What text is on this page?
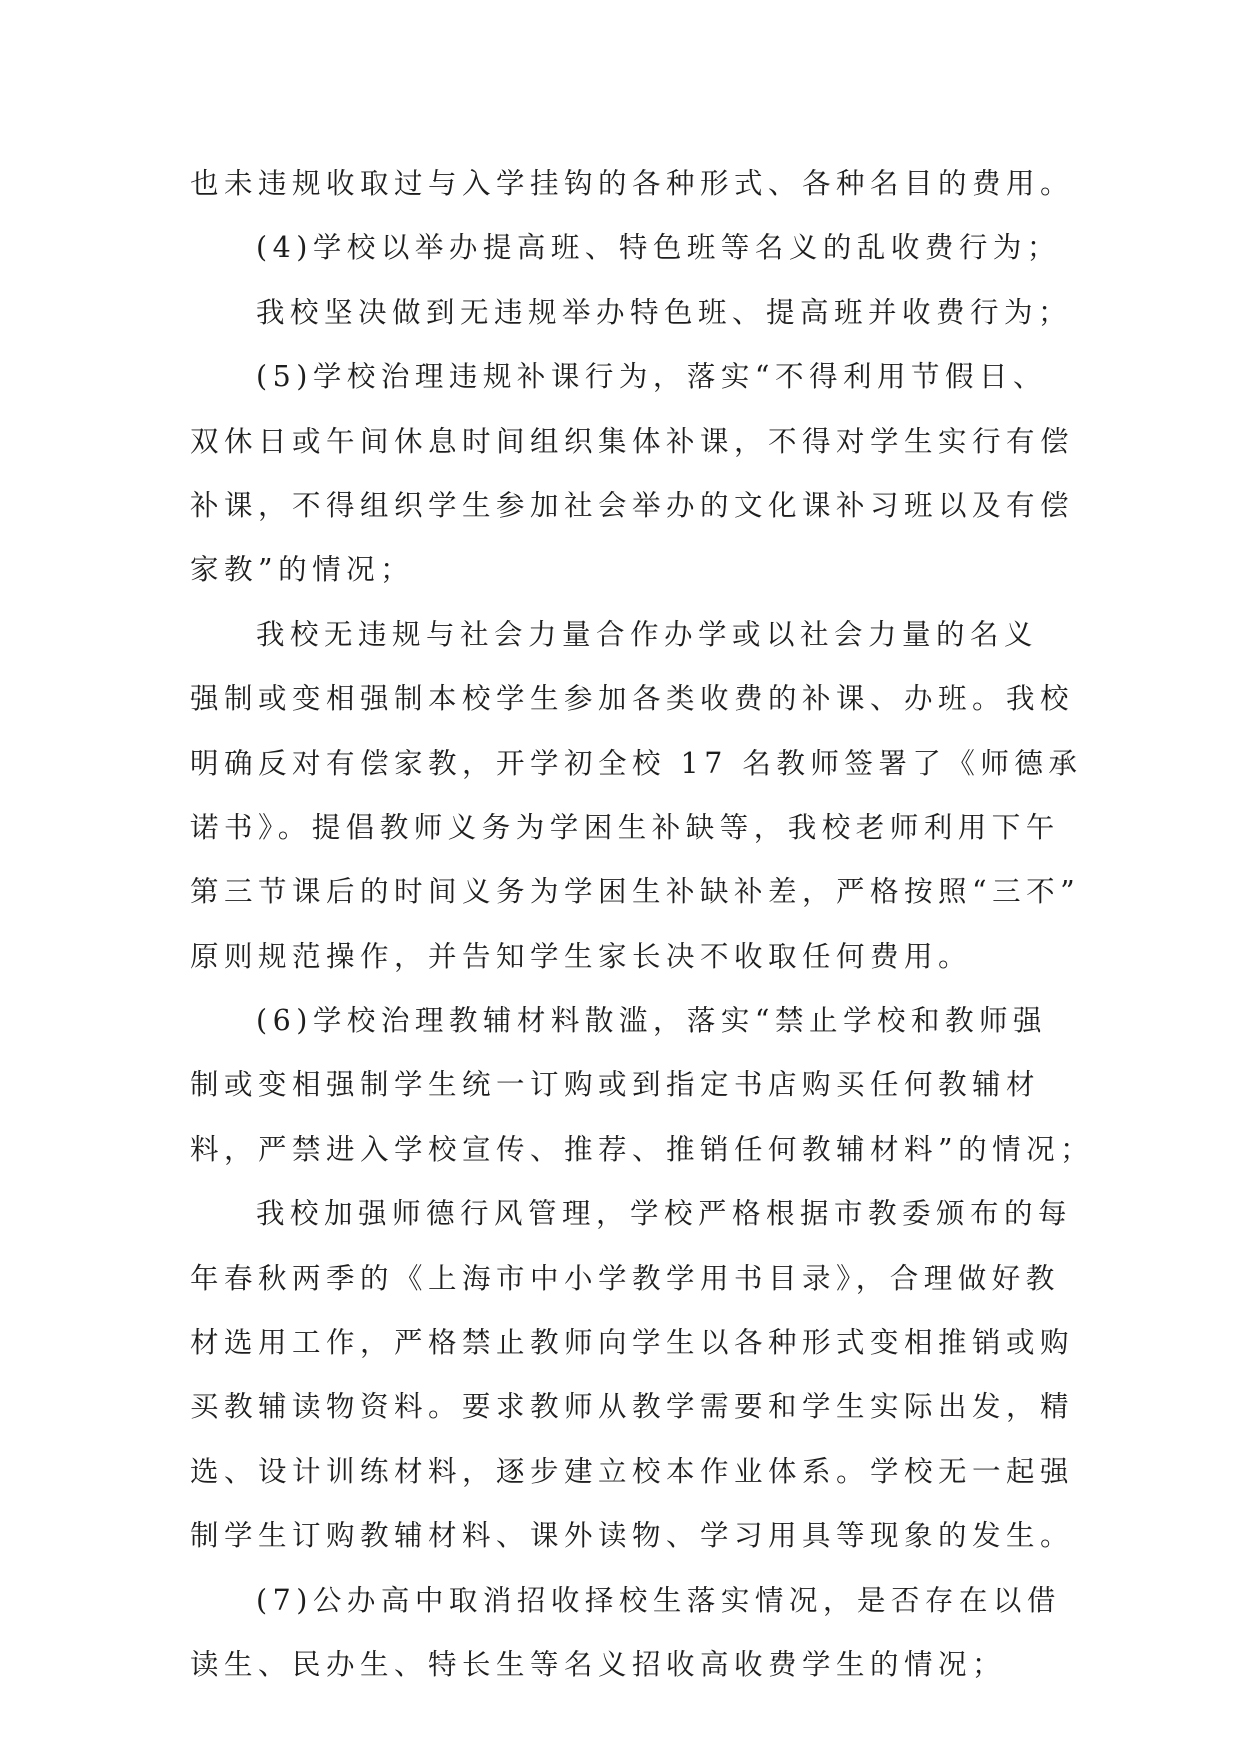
也未违规收取过与入学挂钩的各种形式、各种名目的费用。
(4)学校以举办提高班、特色班等名义的乱收费行为；
我校坚决做到无违规举办特色班、提高班并收费行为；
(5)学校治理违规补课行为，落实“不得利用节假日、
双休日或午间休息时间组织集体补课，不得对学生实行有偿
补课，不得组织学生参加社会举办的文化课补习班以及有偿
家教”的情况；
我校无违规与社会力量合作办学或以社会力量的名义
强制或变相强制本校学生参加各类收费的补课、办班。我校
明确反对有偿家教，开学初全校 17 名教师签署了《师德承
诺书》。提倡教师义务为学困生补缺等，我校老师利用下午
第三节课后的时间义务为学困生补缺补差，严格按照“三不”
原则规范操作，并告知学生家长决不收取任何费用。
(6)学校治理教辅材料散滥，落实“禁止学校和教师强
制或变相强制学生统一订购或到指定书店购买任何教辅材
料，严禁进入学校宣传、推荐、推销任何教辅材料”的情况；
我校加强师德行风管理，学校严格根据市教委颁布的每
年春秋两季的《上海市中小学教学用书目录》，合理做好教
材选用工作，严格禁止教师向学生以各种形式变相推销或购
买教辅读物资料。要求教师从教学需要和学生实际出发，精
选、设计训练材料，逐步建立校本作业体系。学校无一起强
制学生订购教辅材料、课外读物、学习用具等现象的发生。
(7)公办高中取消招收择校生落实情况，是否存在以借
读生、民办生、特长生等名义招收高收费学生的情况；
